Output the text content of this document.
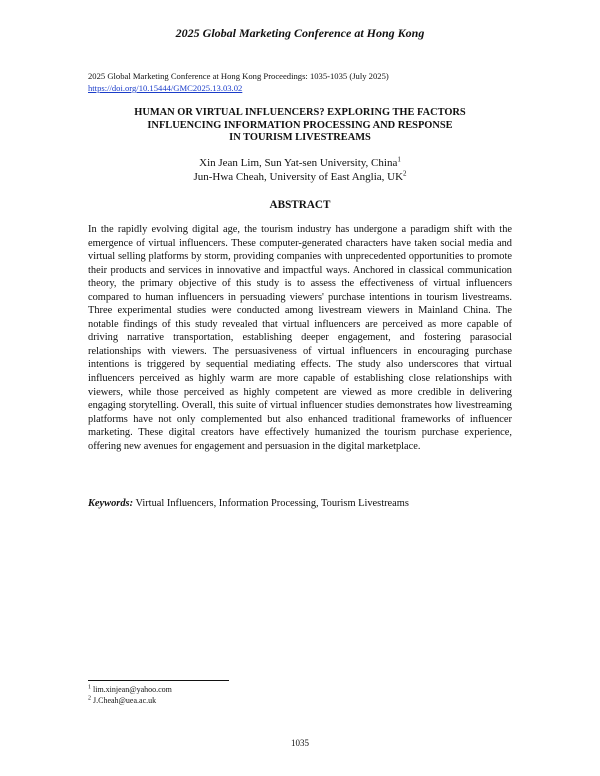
2025 Global Marketing Conference at Hong Kong
2025 Global Marketing Conference at Hong Kong Proceedings: 1035-1035 (July 2025)
https://doi.org/10.15444/GMC2025.13.03.02
HUMAN OR VIRTUAL INFLUENCERS? EXPLORING THE FACTORS
INFLUENCING INFORMATION PROCESSING AND RESPONSE
IN TOURISM LIVESTREAMS
Xin Jean Lim, Sun Yat-sen University, China$^1$
Jun-Hwa Cheah, University of East Anglia, $UK^2$
ABSTRACT

In the rapidly evolving digital age, the tourism industry has undergone a paradigm shift with the emergence of virtual influencers. These computer-generated characters have taken social media and virtual selling platforms by storm, providing companies with unprecedented opportunities to promote their products and services in innovative and impactful ways. Anchored in classical communication theory, the primary objective of this study is to assess the effectiveness of virtual influencers compared to human influencers in persuading viewers' purchase intentions in tourism livestreams. Three experimental studies were conducted among livestream viewers in Mainland China. The notable findings of this study revealed that virtual influencers are perceived as more capable of driving narrative transportation, establishing deeper engagement, and fostering parasocial relationships with viewers. The persuasiveness of virtual influencers in encouraging purchase intentions is triggered by sequential mediating effects. The study also underscores that virtual influencers perceived as highly warm are more capable of establishing close relationships with viewers, while those perceived as highly competent are viewed as more credible in delivering engaging storytelling. Overall, this suite of virtual influencer studies demonstrates how livestreaming platforms have not only complemented but also enhanced traditional frameworks of influencer marketing. These digital creators have effectively humanized the tourism purchase experience, offering new avenues for engagement and persuasion in the digital marketplace.

Keywords: Virtual Influencers, Information Processing, Tourism Livestreams

$^1$ lim.xinjean@yahoo.com
$^2$ J.Cheah@uea.ac.uk
1035
